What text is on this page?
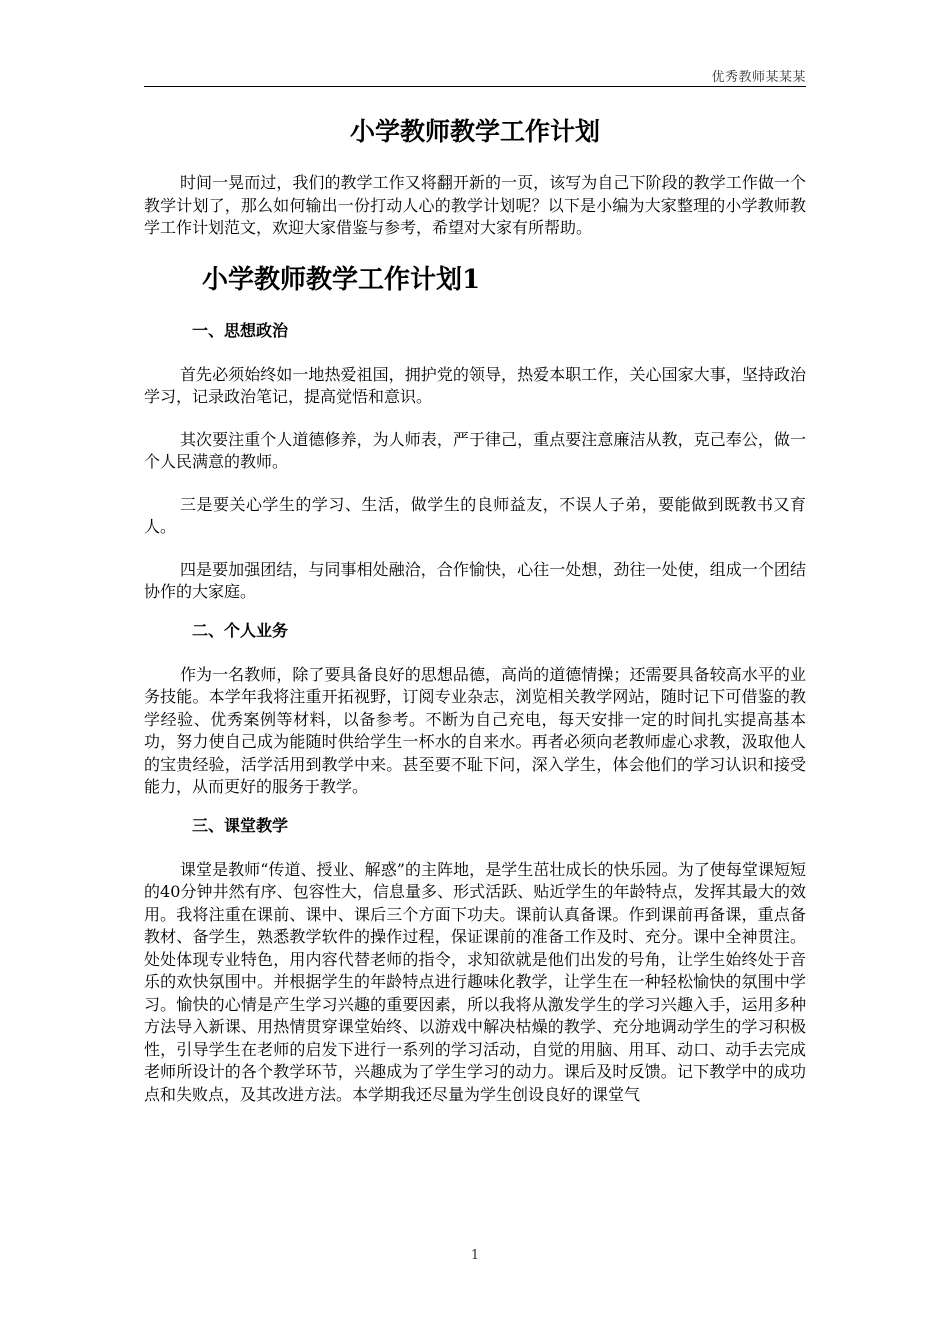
优秀教师某某某
小学教师教学工作计划

时间一晃而过，我们的教学工作又将翻开新的一页，该写为自己下阶段的教学工作做一个教学计划了，那么如何输出一份打动人心的教学计划呢？以下是小编为大家整理的小学教师教学工作计划范文，欢迎大家借鉴与参考，希望对大家有所帮助。

小学教师教学工作计划1
一、思想政治

首先必须始终如一地热爱祖国，拥护党的领导，热爱本职工作，关心国家大事，坚持政治学习，记录政治笔记，提高觉悟和意识。

其次要注重个人道德修养，为人师表，严于律己，重点要注意廉洁从教，克己奉公，做一个人民满意的教师。

三是要关心学生的学习、生活，做学生的良师益友，不误人子弟，要能做到既教书又育人。

四是要加强团结，与同事相处融洽，合作愉快，心往一处想，劲往一处使，组成一个团结协作的大家庭。

二、个人业务

作为一名教师，除了要具备良好的思想品德，高尚的道德情操；还需要具备较高水平的业务技能。本学年我将注重开拓视野，订阅专业杂志，浏览相关教学网站，随时记下可借鉴的教学经验、优秀案例等材料，以备参考。不断为自己充电，每天安排一定的时间扎实提高基本功，努力使自己成为能随时供给学生一杯水的自来水。再者必须向老教师虚心求教，汲取他人的宝贵经验，活学活用到教学中来。甚至要不耻下问，深入学生，体会他们的学习认识和接受能力，从而更好的服务于教学。

三、课堂教学

课堂是教师“传道、授业、解惑”的主阵地，是学生茁壮成长的快乐园。为了使每堂课短短的40分钟井然有序、包容性大，信息量多、形式活跃、贴近学生的年龄特点，发挥其最大的效用。我将注重在课前、课中、课后三个方面下功夫。课前认真备课。作到课前再备课，重点备教材、备学生，熟悉教学软件的操作过程，保证课前的准备工作及时、充分。课中全神贯注。处处体现专业特色，用内容代替老师的指令，求知欲就是他们出发的号角，让学生始终处于音乐的欢快氛围中。并根据学生的年龄特点进行趣味化教学，让学生在一种轻松愉快的氛围中学习。愉快的心情是产生学习兴趣的重要因素，所以我将从激发学生的学习兴趣入手，运用多种方法导入新课、用热情贯穿课堂始终、以游戏中解决枯燥的教学、充分地调动学生的学习积极性，引导学生在老师的启发下进行一系列的学习活动，自觉的用脑、用耳、动口、动手去完成老师所设计的各个教学环节，兴趣成为了学生学习的动力。课后及时反馈。记下教学中的成功点和失败点，及其改进方法。本学期我还尽量为学生创设良好的课堂气

1
